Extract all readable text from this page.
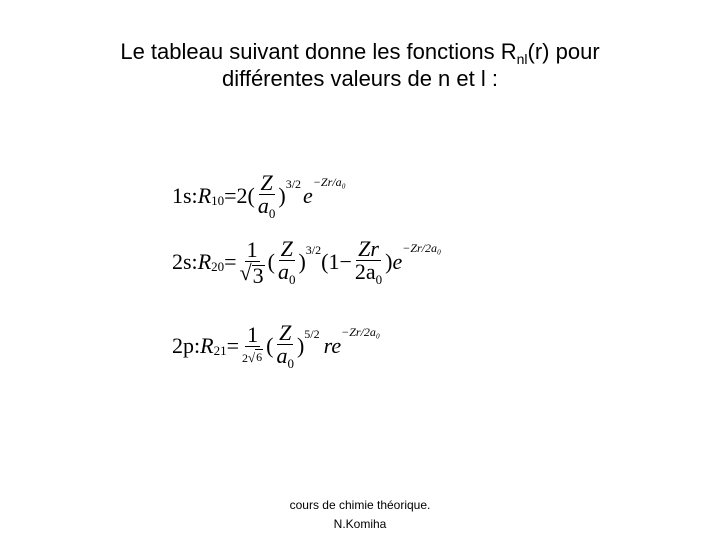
Le tableau suivant donne les fonctions $R_{nl}(r)$ pour
différentes valeurs de n et l :
1s: R $10 =2( \frac{Z}{a_0}$ ) 3/2 e
−Zr/a₀
2s: R $20 = \frac{1}{√ 3}$ ( $\frac{Z}{a_0}$ ) 3/2 ($1- \frac{Zr}{2a_0}$ ) e
−Zr/2a₀
2p: R $21 = \frac{1}{2 √ 6}$ ( $\frac{Z}{a_0}$ ) 5/2 re
−Zr/2a₀
cours de chimie théorique.
N.Komiha
